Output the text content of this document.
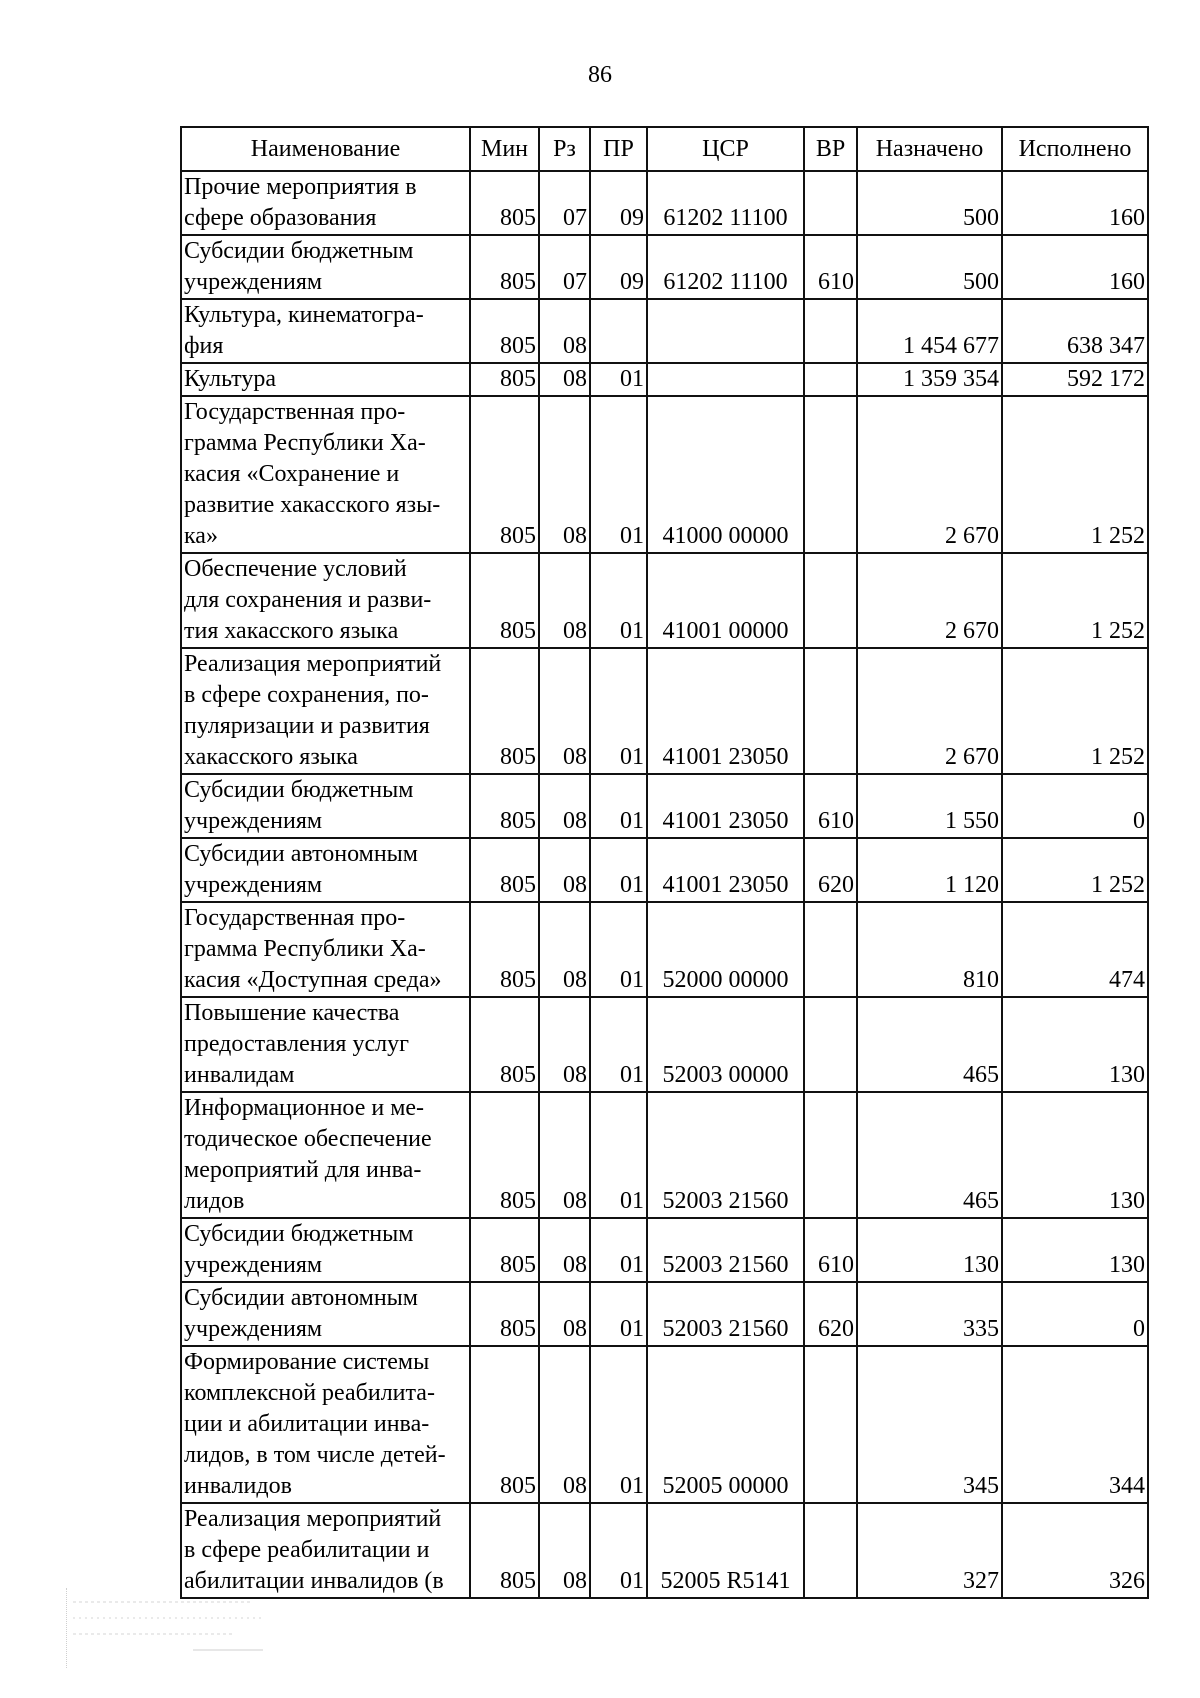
86
Наименование	Мин	Рз	ПР	ЦСР	ВР	Назначено	Исполнено
Прочие мероприятия в
сфере образования	805	07	09	61202 11100		500	160
Субсидии бюджетным
учреждениям	805	07	09	61202 11100	610	500	160
Культура, кинематогра-
фия	805	08				1 454 677	638 347
Культура	805	08	01			1 359 354	592 172
Государственная про-
грамма Республики Ха-
касия «Сохранение и
развитие хакасского язы-
ка»	805	08	01	41000 00000		2 670	1 252
Обеспечение условий
для сохранения и разви-
тия хакасского языка	805	08	01	41001 00000		2 670	1 252
Реализация мероприятий
в сфере сохранения, по-
пуляризации и развития
хакасского языка	805	08	01	41001 23050		2 670	1 252
Субсидии бюджетным
учреждениям	805	08	01	41001 23050	610	1 550	0
Субсидии автономным
учреждениям	805	08	01	41001 23050	620	1 120	1 252
Государственная про-
грамма Республики Ха-
касия «Доступная среда»	805	08	01	52000 00000		810	474
Повышение качества
предоставления услуг
инвалидам	805	08	01	52003 00000		465	130
Информационное и ме-
тодическое обеспечение
мероприятий для инва-
лидов	805	08	01	52003 21560		465	130
Субсидии бюджетным
учреждениям	805	08	01	52003 21560	610	130	130
Субсидии автономным
учреждениям	805	08	01	52003 21560	620	335	0
Формирование системы
комплексной реабилита-
ции и абилитации инва-
лидов, в том числе детей-
инвалидов	805	08	01	52005 00000		345	344
Реализация мероприятий
в сфере реабилитации и
абилитации инвалидов (в	805	08	01	52005 R5141		327	326
